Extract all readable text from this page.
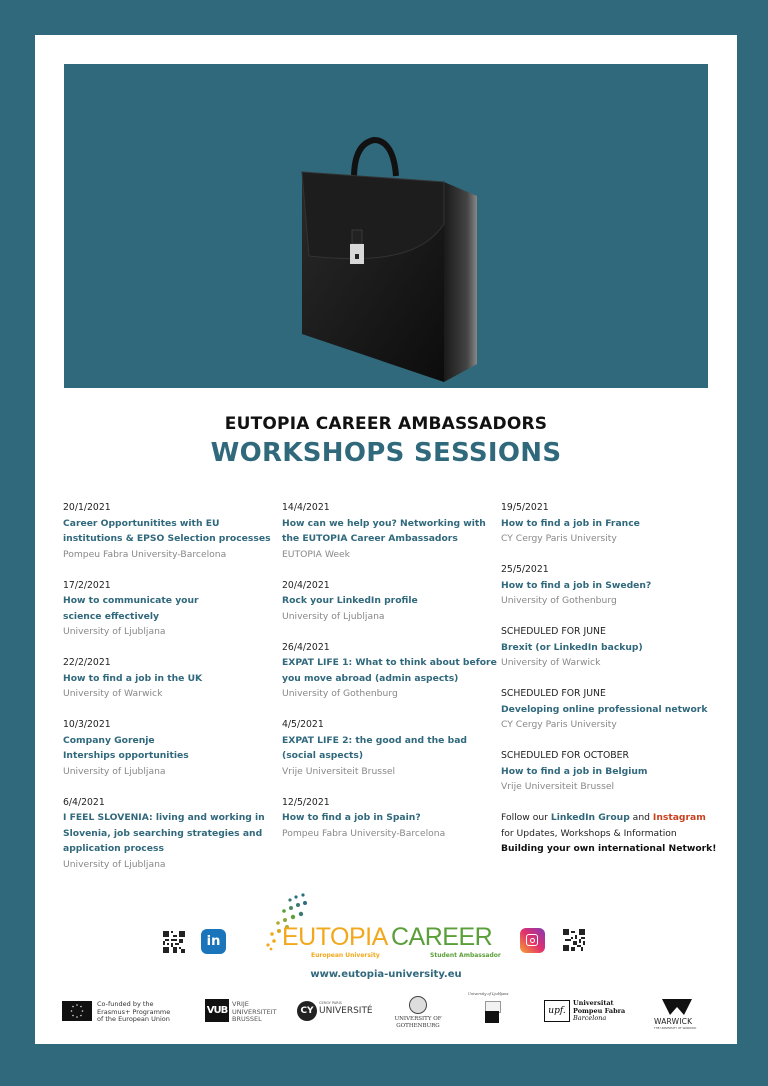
EUTOPIA CAREER AMBASSADORS
WORKSHOPS SESSIONS
20/1/2021
Career Opportunitites with EU
institutions & EPSO Selection processes
Pompeu Fabra University-Barcelona
17/2/2021
How to communicate your
science effectively
University of Ljubljana
22/2/2021
How to find a job in the UK
University of Warwick
10/3/2021
Company Gorenje
Interships opportunities
University of Ljubljana
6/4/2021
I FEEL SLOVENIA: living and working in
Slovenia, job searching strategies and
application process
University of Ljubljana
14/4/2021
How can we help you? Networking with
the EUTOPIA Career Ambassadors
EUTOPIA Week
20/4/2021
Rock your LinkedIn profile
University of Ljubljana
26/4/2021
EXPAT LIFE 1: What to think about before
you move abroad (admin aspects)
University of Gothenburg
4/5/2021
EXPAT LIFE 2: the good and the bad
(social aspects)
Vrije Universiteit Brussel
12/5/2021
How to find a job in Spain?
Pompeu Fabra University-Barcelona
19/5/2021
How to find a job in France
CY Cergy Paris University
25/5/2021
How to find a job in Sweden?
University of Gothenburg
SCHEDULED FOR JUNE
Brexit (or LinkedIn backup)
University of Warwick
SCHEDULED FOR JUNE
Developing online professional network
CY Cergy Paris University
SCHEDULED FOR OCTOBER
How to find a job in Belgium
Vrije Universiteit Brussel
Follow our LinkedIn Group and Instagram
for Updates, Workshops & Information
Building your own international Network!
in EUTOPIA CAREER
European University	Student Ambassador
www.eutopia-university.eu
Co-funded by the
Erasmus+ Programme
of the European Union
VUB
VRIJE
UNIVERSITEIT
BRUSSEL
CY
CERGY PARIS
UNIVERSITÉ
UNIVERSITY OF
GOTHENBURG
University of Ljubljana
upf.
Universitat
Pompeu Fabra
Barcelona	WARWICK
THE UNIVERSITY OF WARWICK
